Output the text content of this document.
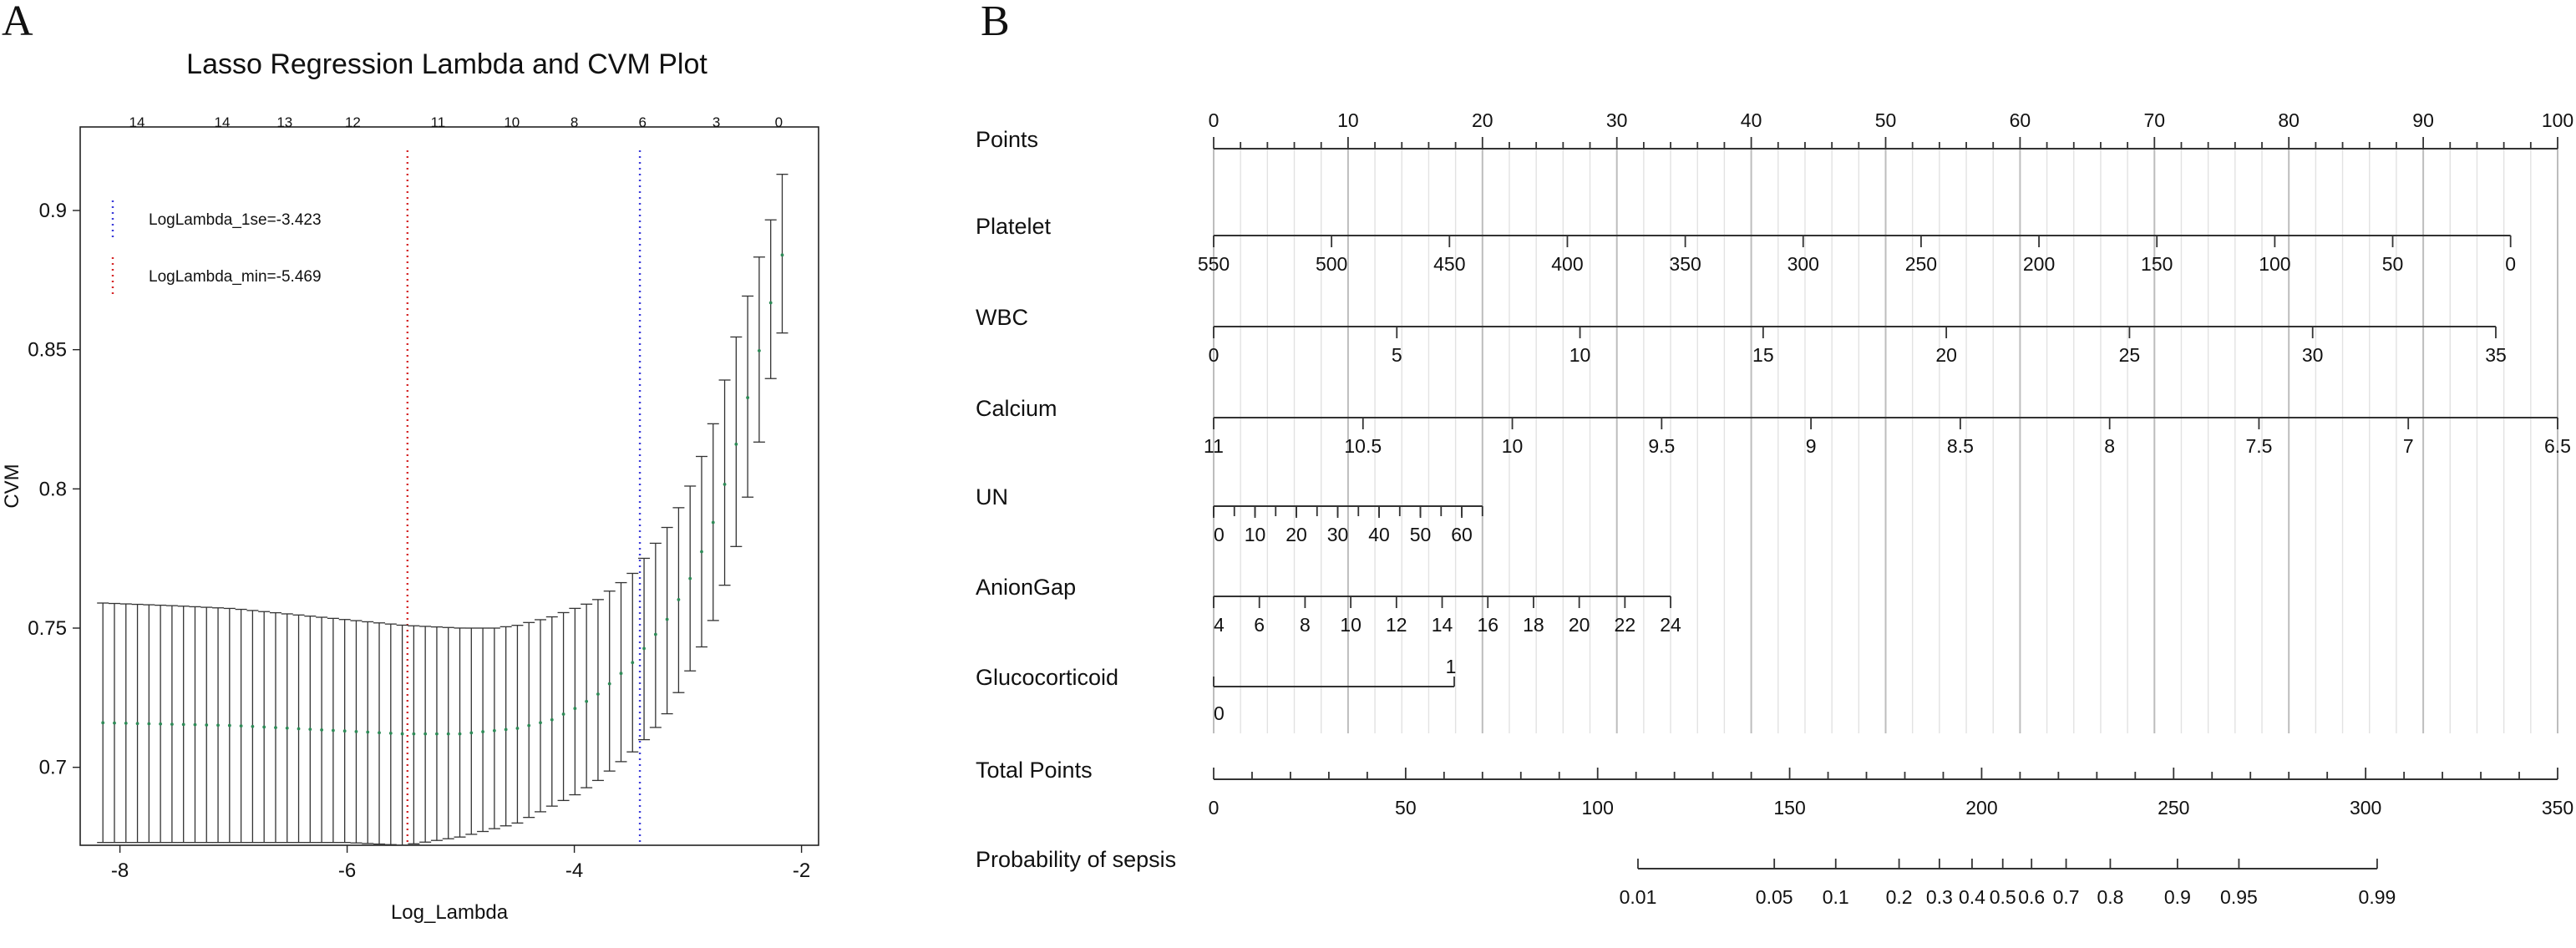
A	B
Lasso Regression Lambda and CVM Plot
0.7
0.75
0.8
0.85
0.9
-8	-6	-4	-2
14	14	13	12	11	10	8	6	3	0
Log_Lambda
CVM
LogLambda_1se=-3.423
LogLambda_min=-5.469
Points
Platelet
WBC
Calcium
UN
AnionGap
Glucocorticoid
Total Points
Probability of sepsis
0	10	20	30	40	50	60	70	80	90	100
550	500	450	400	350	300	250	200	150	100	50	0
0	5	10	15	20	25	30	35
11	10.5	10	9.5	9	8.5	8	7.5	7	6.5
0 10 20 30 40 50 60
4 6 8 10 12 14 16 18 20 22 24
0
1
0	50	100	150	200	250	300	350
0.01	0.05 0.1 0.2 0.3 0.4 0.5 0.6 0.7 0.8 0.9 0.95	0.99
